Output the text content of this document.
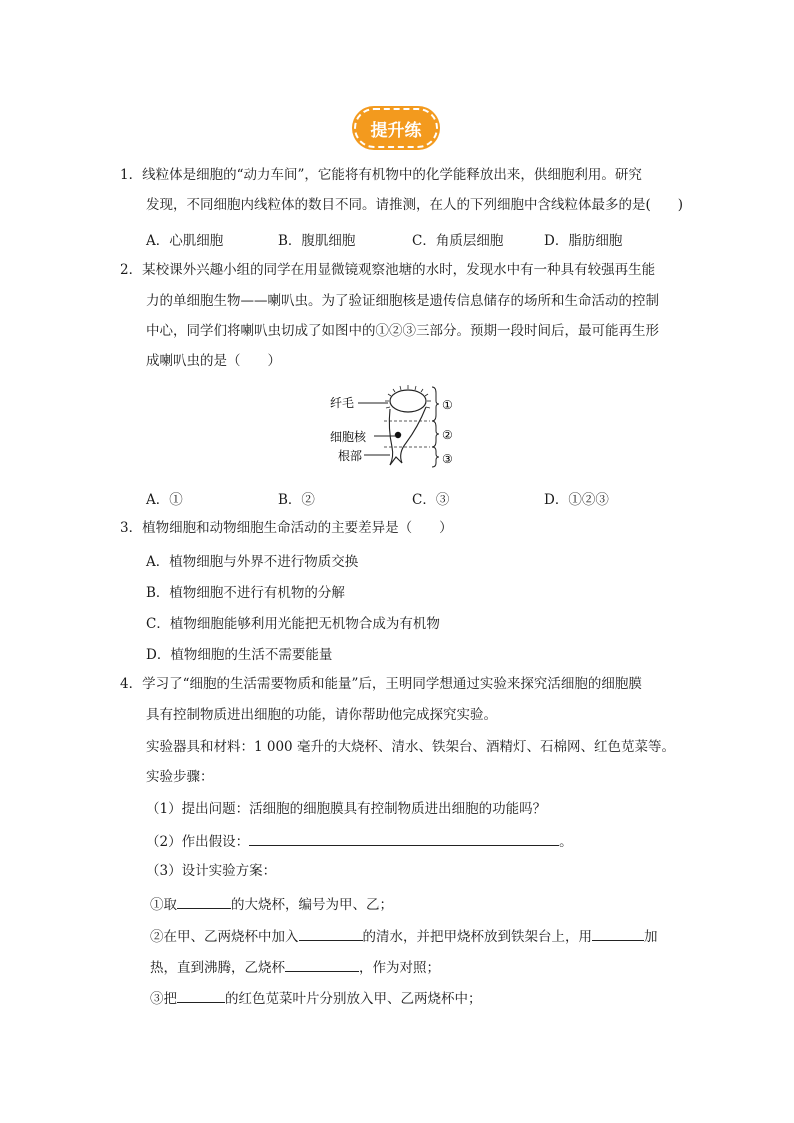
提升练
1．线粒体是细胞的“动力车间”，它能将有机物中的化学能释放出来，供细胞利用。研究
发现，不同细胞内线粒体的数目不同。请推测，在人的下列细胞中含线粒体最多的是(　　)
A．心肌细胞	B．腹肌细胞	C．角质层细胞	D．脂肪细胞
2．某校课外兴趣小组的同学在用显微镜观察池塘的水时，发现水中有一种具有较强再生能
力的单细胞生物——喇叭虫。为了验证细胞核是遗传信息储存的场所和生命活动的控制
中心，同学们将喇叭虫切成了如图中的①②③三部分。预期一段时间后，最可能再生形
成喇叭虫的是（　　）
纤毛
细胞核
根部
①
②
③
A．①	B．②	C．③	D．①②③
3．植物细胞和动物细胞生命活动的主要差异是（　　）
A．植物细胞与外界不进行物质交换
B．植物细胞不进行有机物的分解
C．植物细胞能够利用光能把无机物合成为有机物
D．植物细胞的生活不需要能量
4．学习了“细胞的生活需要物质和能量”后，王明同学想通过实验来探究活细胞的细胞膜
具有控制物质进出细胞的功能，请你帮助他完成探究实验。
实验器具和材料：1 000 毫升的大烧杯、清水、铁架台、酒精灯、石棉网、红色苋菜等。
实验步骤：
（1）提出问题：活细胞的细胞膜具有控制物质进出细胞的功能吗？
（2）作出假设：	。
（3）设计实验方案：
①取	的大烧杯，编号为甲、乙；
②在甲、乙两烧杯中加入	的清水，并把甲烧杯放到铁架台上，用	加
热，直到沸腾，乙烧杯	，作为对照；
③把	的红色苋菜叶片分别放入甲、乙两烧杯中；
